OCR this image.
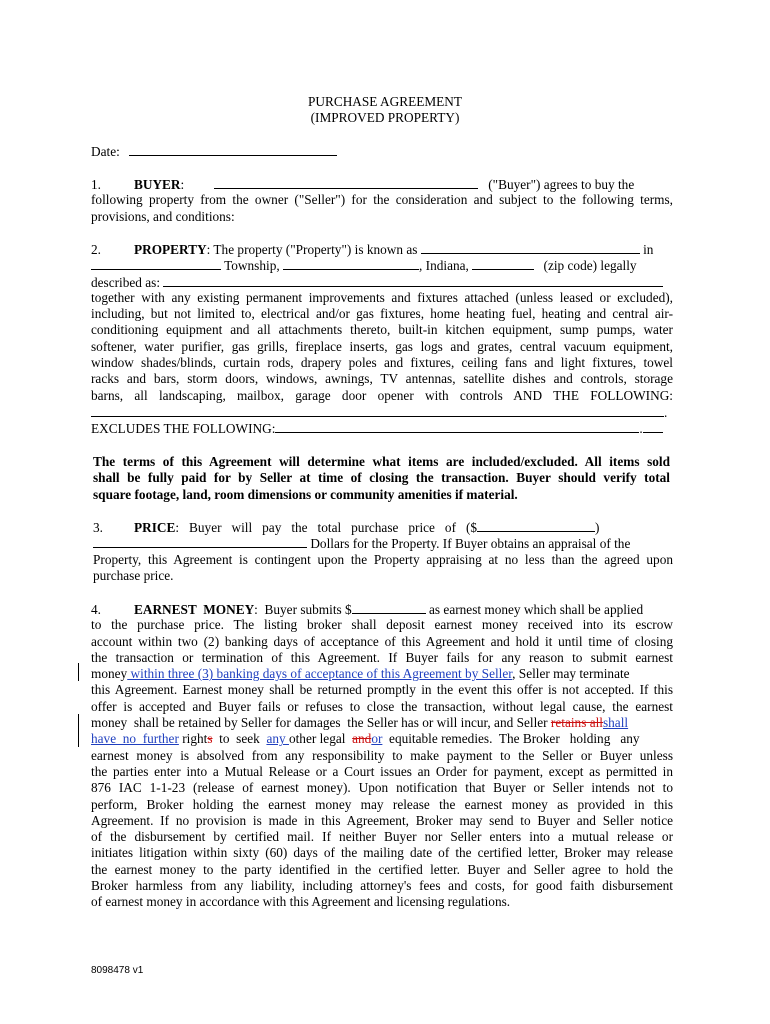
PURCHASE AGREEMENT
(IMPROVED PROPERTY)
Date:
1. BUYER:	("Buyer") agrees to buy the
following property from the owner ("Seller") for the consideration and subject to the following terms,
provisions, and conditions:
2. PROPERTY: The property ("Property") is known as	in
Township,	, Indiana,	(zip code) legally
described as:
together with any existing permanent improvements and fixtures attached (unless leased or excluded),
including, but not limited to, electrical and/or gas fixtures, home heating fuel, heating and central air-
conditioning equipment and all attachments thereto, built-in kitchen equipment, sump pumps, water
softener, water purifier, gas grills, fireplace inserts, gas logs and grates, central vacuum equipment,
window shades/blinds, curtain rods, drapery poles and fixtures, ceiling fans and light fixtures, towel
racks and bars, storm doors, windows, awnings, TV antennas, satellite dishes and controls, storage
barns, all landscaping, mailbox, garage door opener with controls AND THE FOLLOWING:
.
EXCLUDES THE FOLLOWING:	.
The terms of this Agreement will determine what items are included/excluded. All items sold
shall be fully paid for by Seller at time of closing the transaction. Buyer should verify total
square footage, land, room dimensions or community amenities if material.
3. PRICE:   Buyer   will   pay   the   total   purchase   price   of   ($	)
Dollars for the Property. If Buyer obtains an appraisal of the
Property, this Agreement is contingent upon the Property appraising at no less than the agreed upon
purchase price.
4. EARNEST  MONEY:  Buyer submits $	as earnest money which shall be applied
to the purchase price. The listing broker shall deposit earnest money received into its escrow
account within two (2) banking days of acceptance of this Agreement and hold it until time of closing
the transaction or termination of this Agreement. If Buyer fails for any reason to submit earnest
money within three (3) banking days of acceptance of this Agreement by Seller, Seller may terminate
this Agreement. Earnest money shall be returned promptly in the event this offer is not accepted. If this
offer is accepted and Buyer fails or refuses to close the transaction, without legal cause, the earnest
money  shall be retained by Seller for damages  the Seller has or will incur, and Seller retains allshall
have  no  further rights  to  seek  any other legal  andor  equitable remedies.  The Broker   holding   any
earnest money is absolved from any responsibility to make payment to the Seller or Buyer unless
the parties enter into a Mutual Release or a Court issues an Order for payment, except as permitted in
876 IAC 1-1-23 (release of earnest money). Upon notification that Buyer or Seller intends not to
perform, Broker holding the earnest money may release the earnest money as provided in this
Agreement. If no provision is made in this Agreement, Broker may send to Buyer and Seller notice
of the disbursement by certified mail. If neither Buyer nor Seller enters into a mutual release or
initiates litigation within sixty (60) days of the mailing date of the certified letter, Broker may release
the earnest money to the party identified in the certified letter. Buyer and Seller agree to hold the
Broker harmless from any liability, including attorney's fees and costs, for good faith disbursement
of earnest money in accordance with this Agreement and licensing regulations.
8098478 v1
